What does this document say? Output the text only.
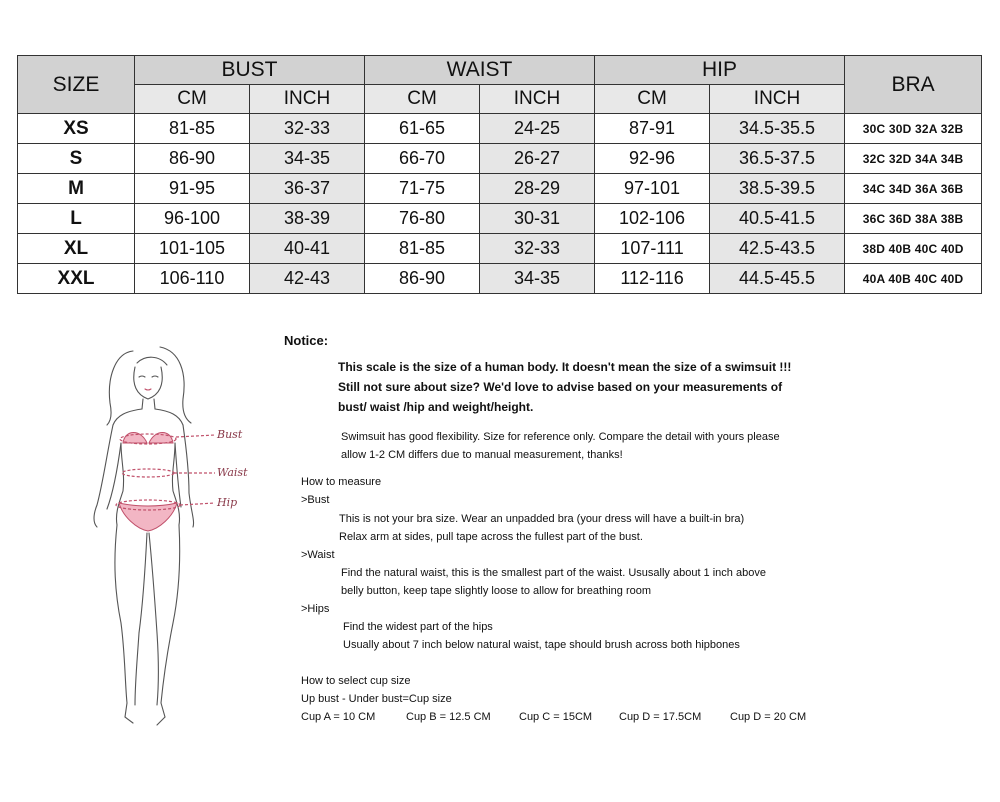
SIZE	BUST		WAIST		HIP		BRA
	CM	INCH	CM	INCH	CM	INCH	
XS	81-85	32-33	61-65	24-25	87-91	34.5-35.5	30C 30D 32A 32B
S	86-90	34-35	66-70	26-27	92-96	36.5-37.5	32C 32D 34A 34B
M	91-95	36-37	71-75	28-29	97-101	38.5-39.5	34C 34D 36A 36B
L	96-100	38-39	76-80	30-31	102-106	40.5-41.5	36C 36D 38A 38B
XL	101-105	40-41	81-85	32-33	107-111	42.5-43.5	38D 40B 40C 40D
XXL	106-110	42-43	86-90	34-35	112-116	44.5-45.5	40A 40B 40C 40D
Bust
Waist
Hip
Notice:
This scale is the size of a human body. It doesn't mean the size of a swimsuit !!!
Still not sure about size? We'd love to advise based on your measurements of
bust/ waist /hip and weight/height.
Swimsuit has good flexibility. Size for reference only. Compare the detail with yours please
allow 1-2 CM differs due to manual measurement, thanks!
How to measure
>Bust
This is not your bra size. Wear an unpadded bra (your dress will have a built-in bra)
Relax arm at sides, pull tape across the fullest part of the bust.
>Waist
Find the natural waist, this is the smallest part of the waist. Ususally about 1 inch above
belly button, keep tape slightly loose to allow for breathing room
>Hips
Find the widest part of the hips
Usually about 7 inch below natural waist, tape should brush across both hipbones
How to select cup size
Up bust - Under bust=Cup size
Cup A = 10 CM	Cup B = 12.5 CM	Cup C = 15CM Cup D = 17.5CM	Cup D = 20 CM
